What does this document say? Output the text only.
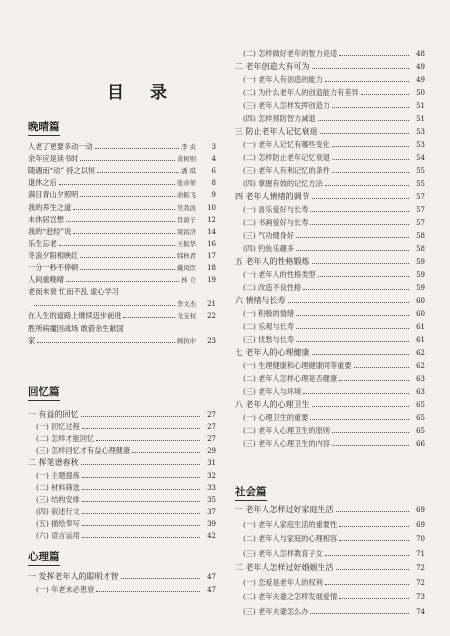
目 录
晚晴篇
人老了更要多动一动	李 贞	3
余年应是读书时	黄树则	4
随遇而“动” 持之以恒	潘 琪	6
退休之后	张帝蒂	8
满目青山夕照明	俞振飞	9
我的养生之道	吴劲波	10
未休居岂想	肖荫子	12
我的“赶经”说	周昌济	14
乐生忘老	王振华	16
冬浪夕阳相映红	韩秋君	17
一分一秒不停顿	戴凤臣	18
人间重晚晴	林 立	19
老而未衰 忙而不乱 虚心学习
李文杰	21
在人生的道路上继续迈步前进	戈宝权	22
胜所病魔因战场 敢借余生献国
家	顾执中	23
回忆篇
一 有益的回忆	27
(一) 回忆过程	27
(二) 怎样才能回忆	27
(三) 怎样回忆才有益心理健康	29
二 挥笔谱春秋	31
(一) 主题提炼	32
(二) 材料筛选	33
(三) 结构安排	35
(四) 叙述行文	37
(五) 描绘奉写	39
(六) 语言运用	42
心理篇
一 发挥老年人的聪明才智	47
(一) 年老未必患衰	47
(二) 怎样做好老年的智力竞适	48
二 老年创造大有可为	49
(一) 老年人有创造的能力	49
(二) 为什么老年人的创造能力有差异	50
(三) 老年人怎样发挥创造力	51
(四) 怎样预防智力减退	51
三 防止老年人记忆衰退	53
(一) 老年人记忆有哪些变化	53
(二) 怎样防止老年记忆衰退	54
(三) 老年人有利记忆的条件	55
(四) 掌握有效的记忆方法	55
四 老年人情绪的调节	57
(一) 喜乐爱好与长寿	57
(二) 书画爱好与长寿	57
(三) 气功健身好	58
(四) 钓鱼乐趣多	58
五 老年人的性格锻炼	59
(一) 老年人的性格类型	59
(二) 改造不良性格	59
六 情绪与长寿	60
(一) 积极的情绪	60
(二) 乐观与长寿	61
(三) 忧愁与长寿	61
七 老年人的心理健康	62
(一) 生理健康和心理健康同等重要	62
(二) 老年人怎样心理是否健康	63
(三) 老年人与环境	63
八 老年人的心理卫生	65
(一) 心理卫生的重要	65
(二) 老年人心理卫生的原则	65
(三) 老年人心理卫生的内容	66
社会篇
一 老年人怎样过好家庭生活	69
(一) 老年人家庭生活的重要性	69
(二) 老年人与家庭的心理相容	70
(三) 老年人怎样教育子女	71
二 老年人怎样过好婚姻生活	72
(一) 恋爱是老年人的权利	72
(二) 老年夫妻之怎样发展爱情	73
(三) 老年夫妻怎么办	74
